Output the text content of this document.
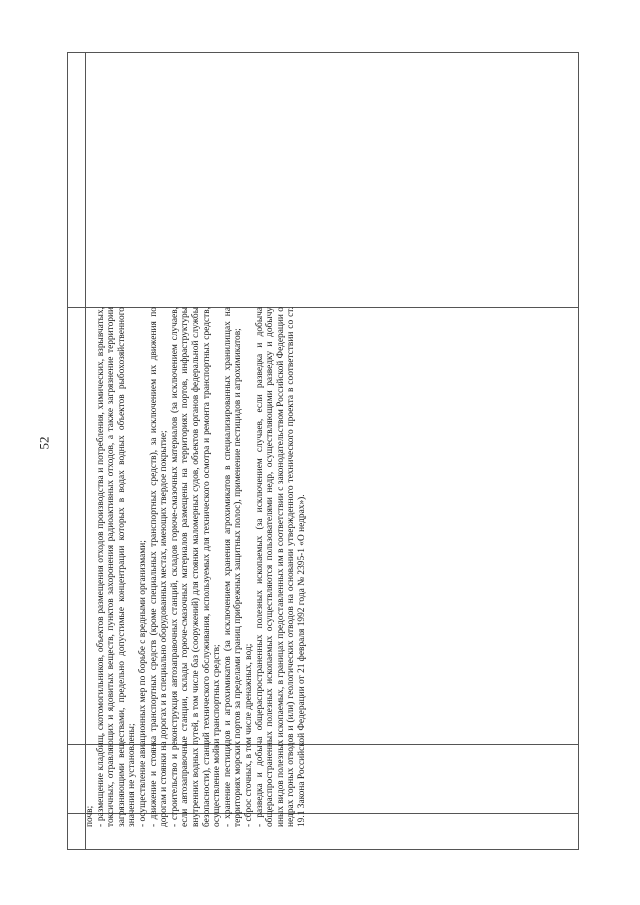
52

почв; - размещение кладбищ, скотомогильников, объектов размещения отходов производства и потребления, химических, взрывчатых, токсичных, отравляющих и ядовитых веществ, пунктов захоронения радиоактивных отходов, а также загрязнение территории загрязняющими веществами, предельно допустимые концентрации которых в водах водных объектов рыбохозяйственного значения не установлены; - осуществление авиационных мер по борьбе с вредными организмами; - движение и стоянка транспортных средств (кроме специальных транспортных средств), за исключением их движения по дорогам и стоянки на дорогах и в специально оборудованных местах, имеющих твердое покрытие; - строительство и реконструкция автозаправочных станций, складов горюче-смазочных материалов (за исключением случаев, если автозаправочные станции, склады горюче-смазочных материалов размещены на территориях портов, инфраструктуры внутренних водных путей, в том числе баз (сооружений) для стоянки маломерных судов, объектов органов федеральной службы безопасности), станций технического обслуживания, используемых для технического осмотра и ремонта транспортных средств, осуществление мойки транспортных средств; - хранение пестицидов и агрохимикатов (за исключением хранения агрохимикатов в специализированных хранилищах на территориях морских портов за пределами границ прибрежных защитных полос), применение пестицидов и агрохимикатов; - сброс сточных, в том числе дренажных, вод; - разведка и добыча общераспространенных полезных ископаемых (за исключением случаев, если разведка и добыча общераспространенных полезных ископаемых осуществляются пользователями недр, осуществляющими разведку и добычу иных видов полезных ископаемых, в границах предоставленных им в соответствии с законодательством Российской Федерации о недрах горных отводов и (или) геологических отводов на основании утвержденного технического проекта в соответствии со ст. 19.1 Закона Российской Федерации от 21 февраля 1992 года № 2395-1 «О недрах»).
